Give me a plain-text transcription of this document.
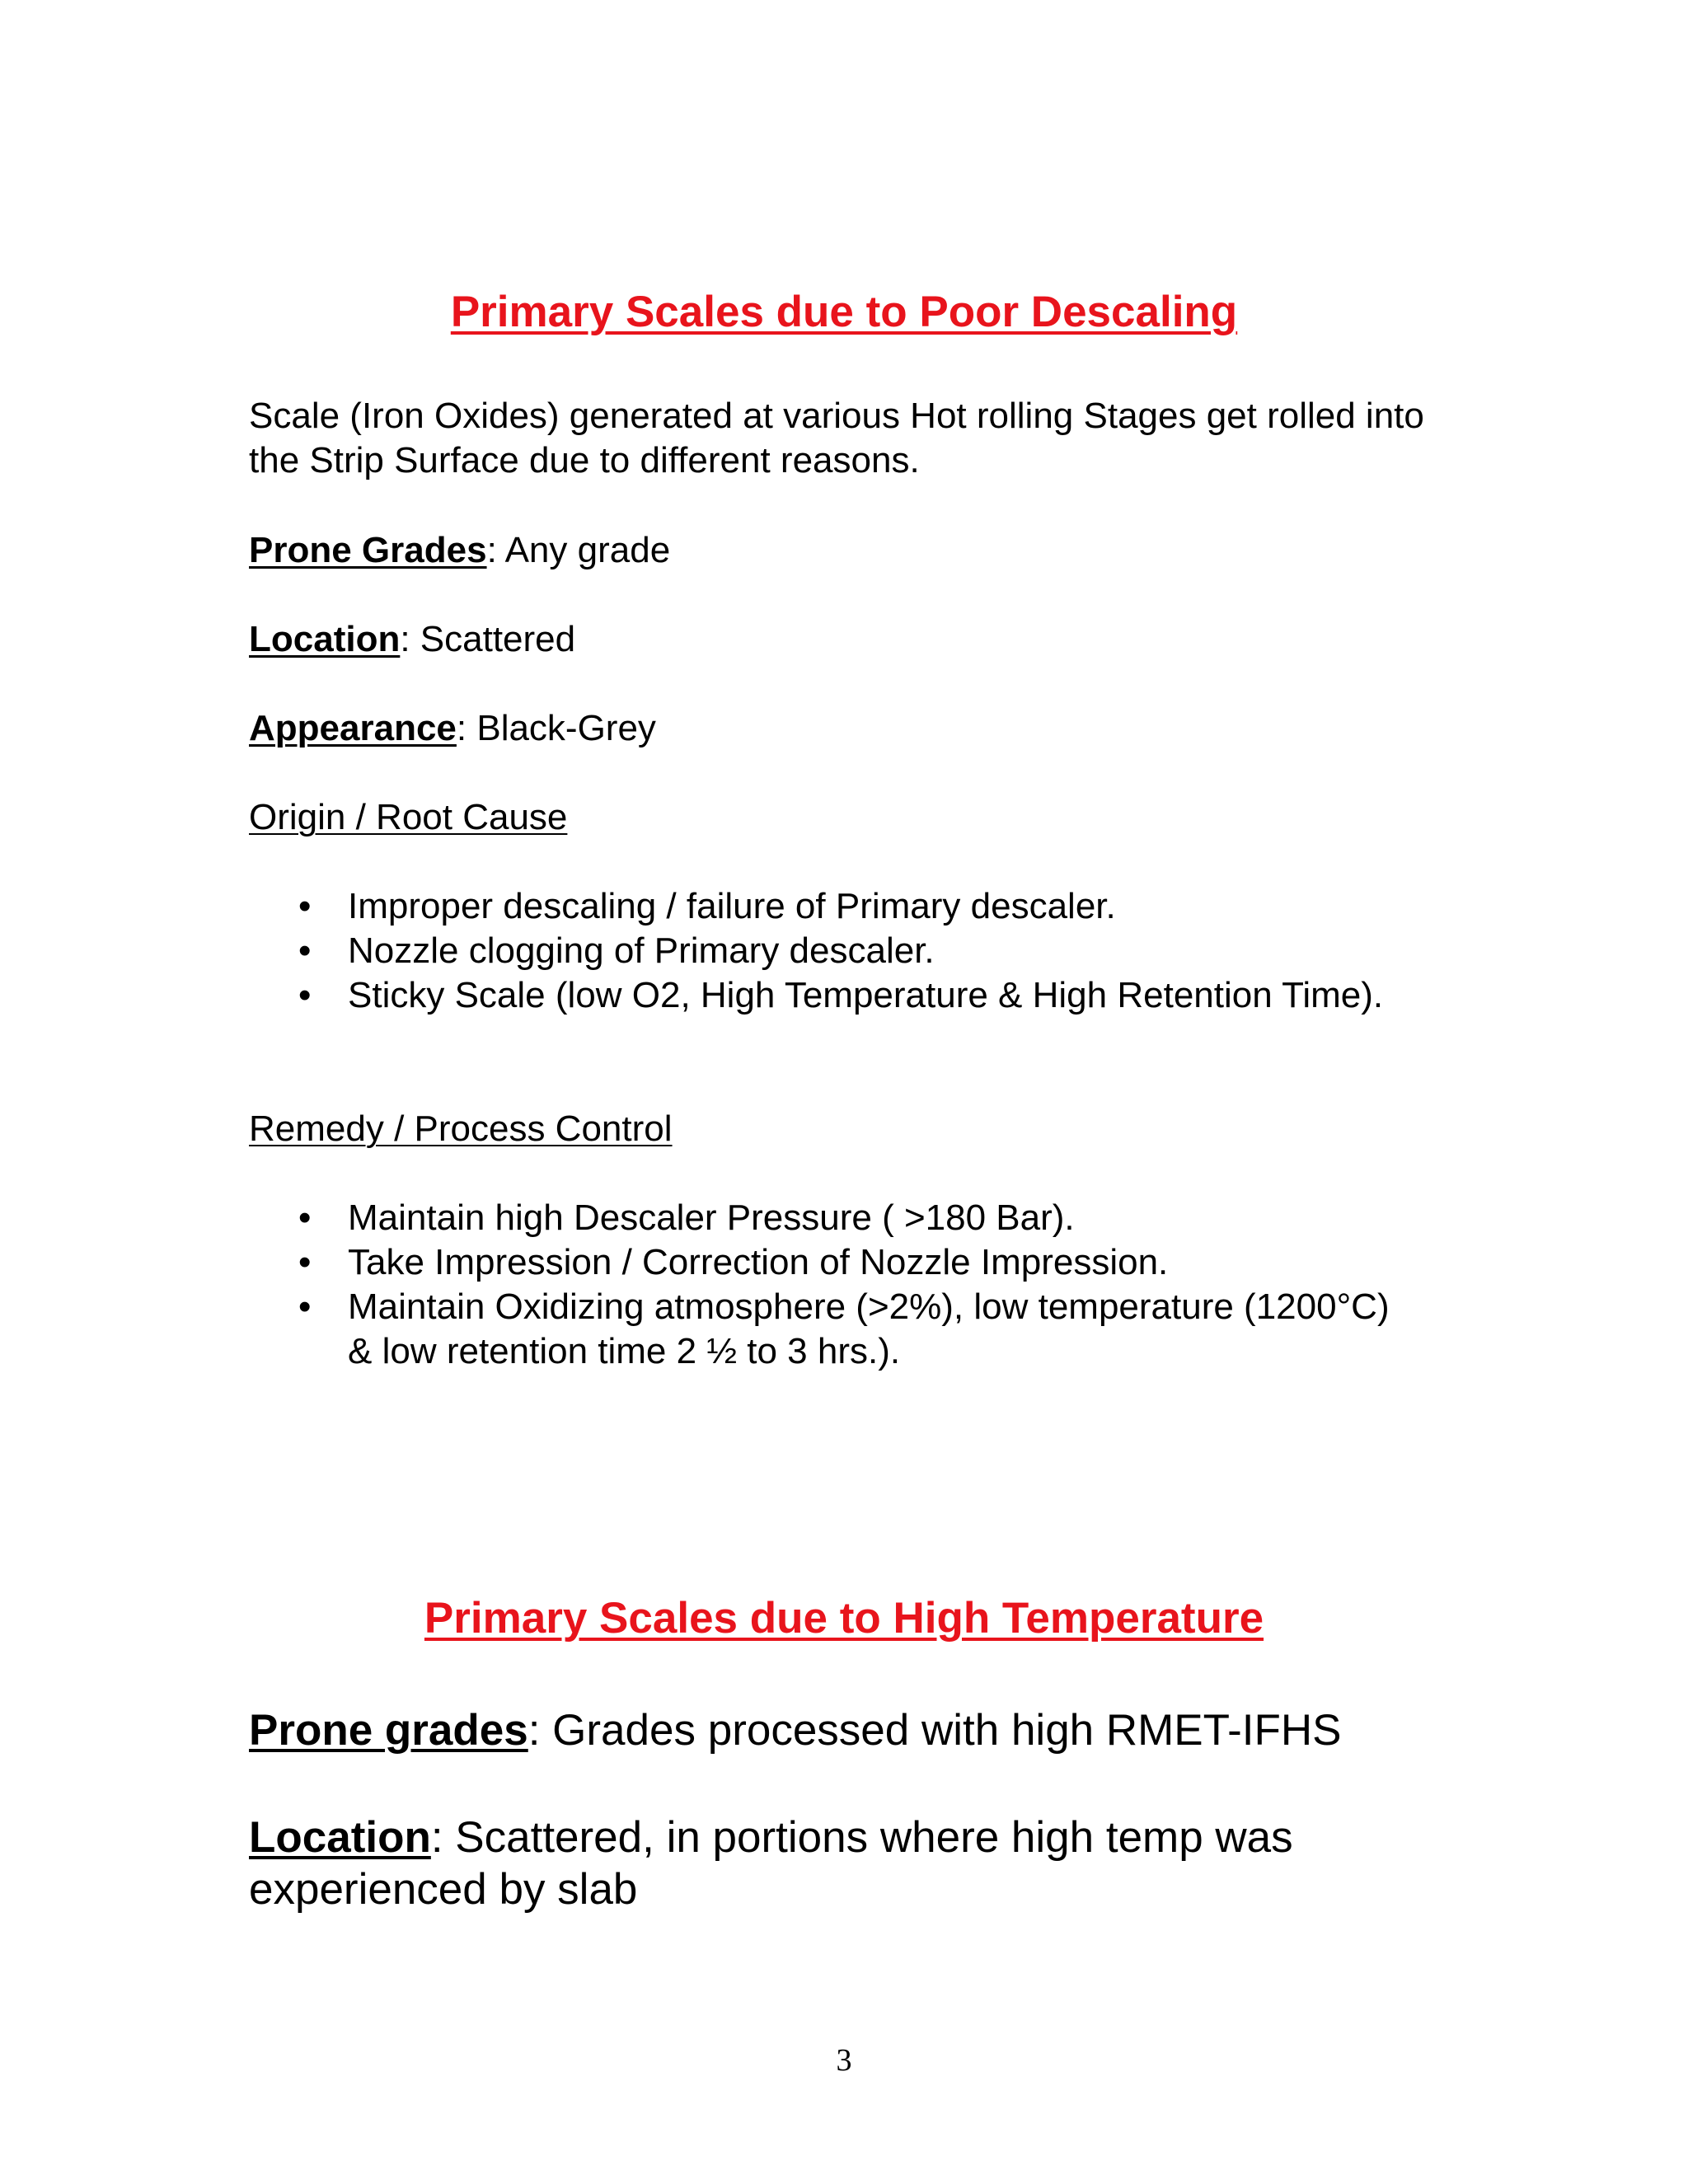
Primary Scales due to Poor Descaling

Scale (Iron Oxides) generated at various Hot rolling Stages get rolled into the Strip Surface due to different reasons.

Prone Grades: Any grade
Location: Scattered
Appearance: Black-Grey
Origin / Root Cause
• Improper descaling / failure of Primary descaler.
• Nozzle clogging of Primary descaler.
• Sticky Scale (low O2, High Temperature & High Retention Time).
Remedy / Process Control
• Maintain high Descaler Pressure ( >180 Bar).
• Take Impression / Correction of Nozzle Impression.
• Maintain Oxidizing atmosphere (>2%), low temperature (1200°C) & low retention time 2 ½ to 3 hrs.).
Primary Scales due to High Temperature
Prone grades: Grades processed with high RMET-IFHS

Location: Scattered, in portions where high temp was experienced by slab

3
